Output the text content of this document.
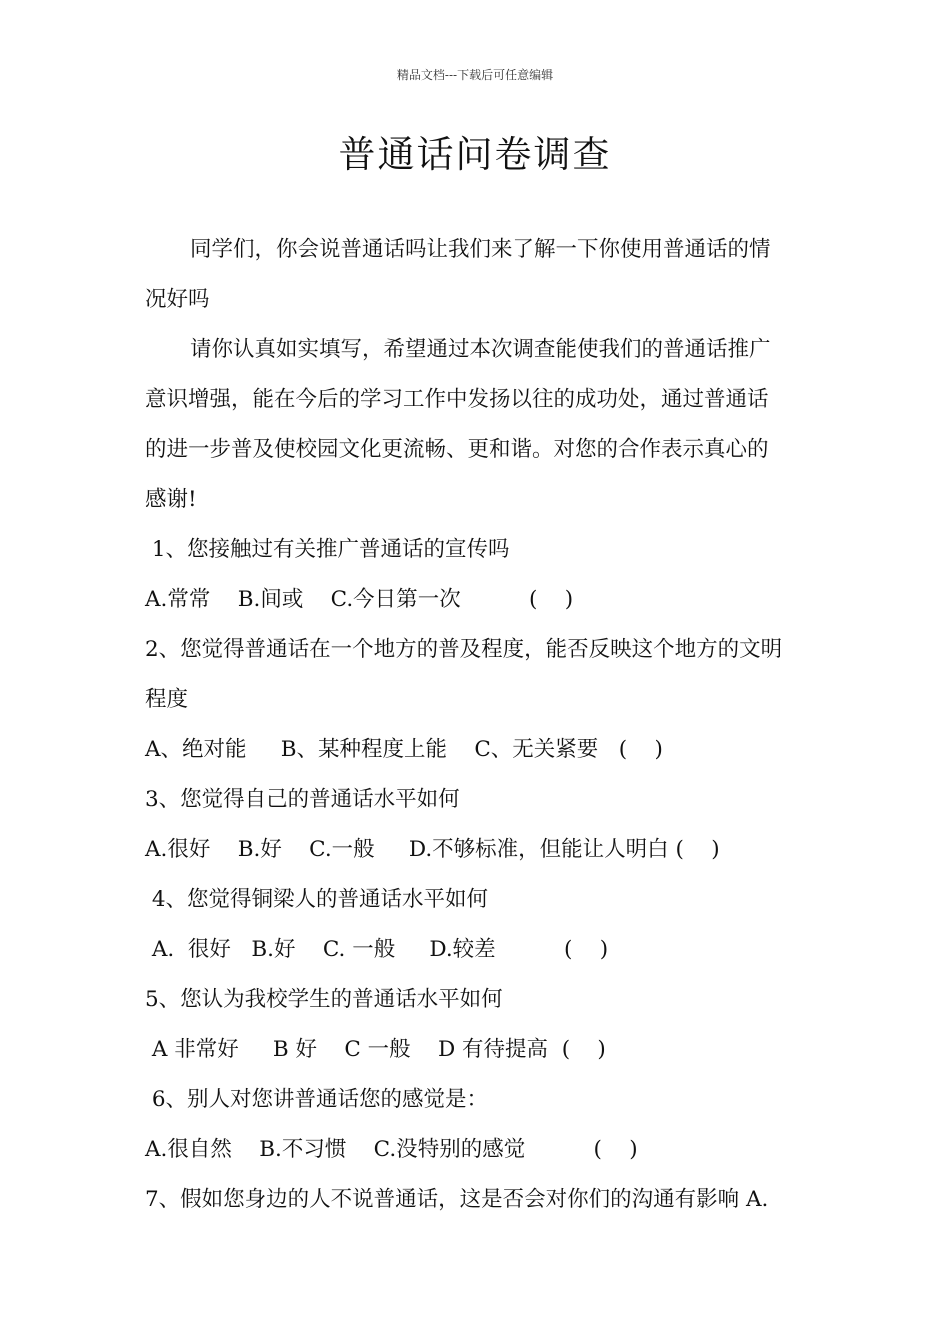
精品文档---下载后可任意编辑
普通话问卷调查
同学们，你会说普通话吗让我们来了解一下你使用普通话的情
况好吗
请你认真如实填写，希望通过本次调查能使我们的普通话推广
意识增强，能在今后的学习工作中发扬以往的成功处，通过普通话
的进一步普及使校园文化更流畅、更和谐。对您的合作表示真心的
感谢!
1、您接触过有关推广普通话的宣传吗
A.常常    B.间或    C.今日第一次          (    )
2、您觉得普通话在一个地方的普及程度，能否反映这个地方的文明
程度
A、绝对能     B、某种程度上能    C、无关紧要   (    )
3、您觉得自己的普通话水平如何
A.很好    B.好    C.一般     D.不够标准，但能让人明白 (    )
4、您觉得铜梁人的普通话水平如何
A.  很好   B.好    C. 一般     D.较差          (    )
5、您认为我校学生的普通话水平如何
A 非常好     B 好    C 一般    D 有待提高  (    )
6、别人对您讲普通话您的感觉是：
A.很自然    B.不习惯    C.没特别的感觉          (    )
7、假如您身边的人不说普通话，这是否会对你们的沟通有影响 A.
